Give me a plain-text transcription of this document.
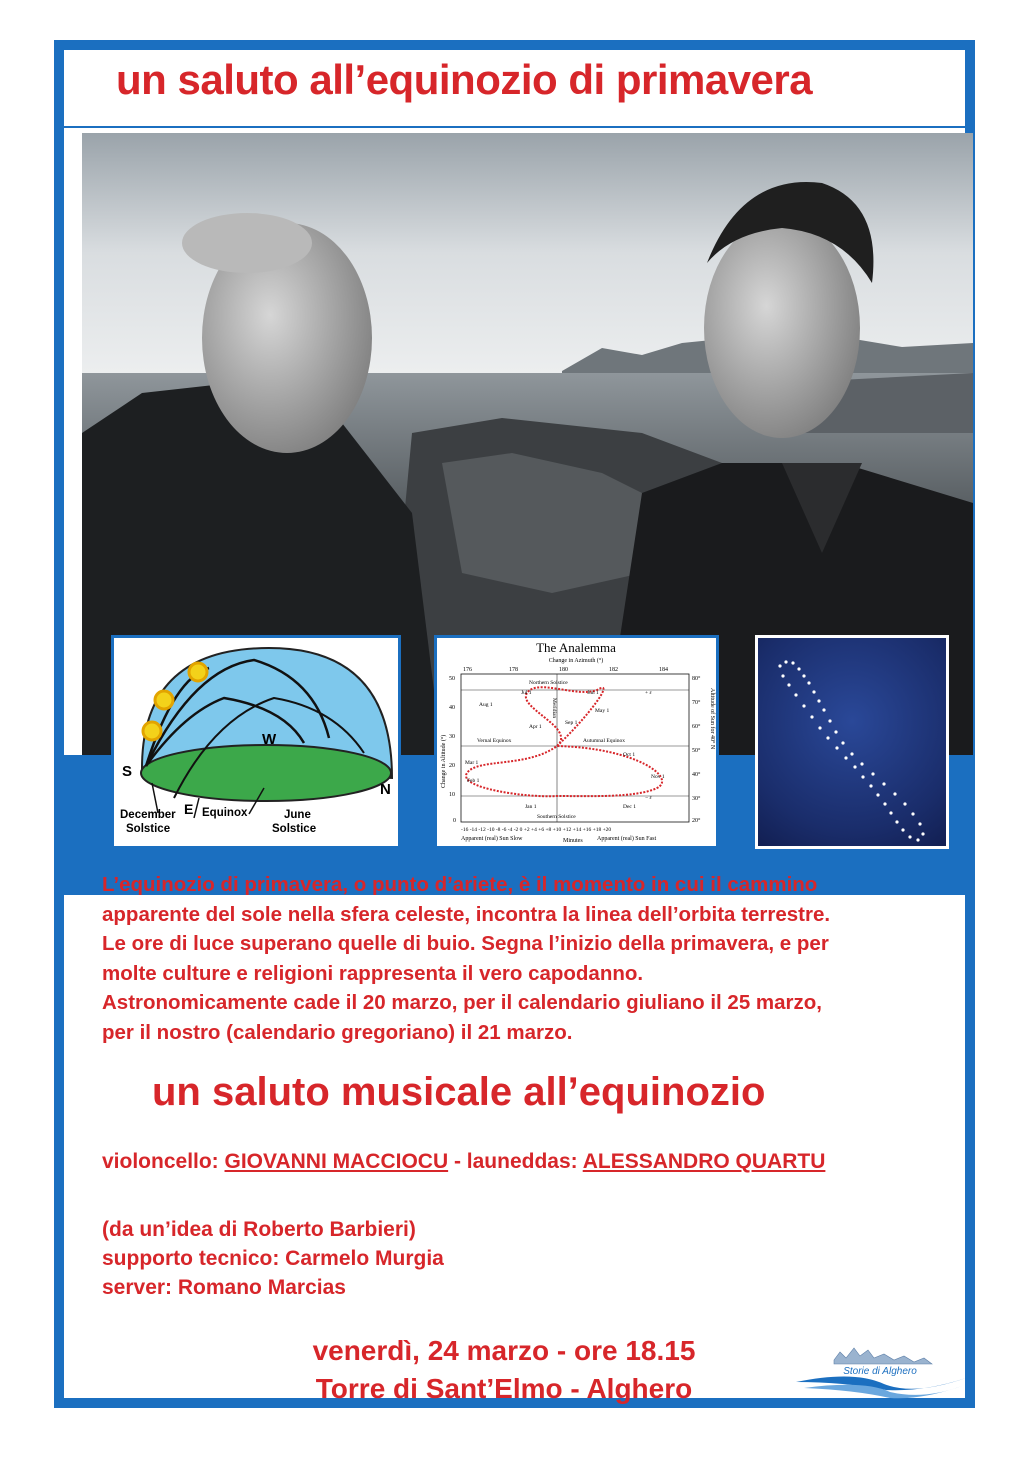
un saluto all’equinozio di primavera
S
W
E
N
December Solstice
Equinox	June Solstice
The Analemma
Change in Azimuth (°)
176	178	180	182	184
50
40
30
20
10
0
Change in Altitude (°)
80°
70°
60°
50°
40°
30°
20°
Altitude of Sun for 40° N
Northern Solstice
Southern Solstice
Vernal Equinox	Autumnal Equinox
+ ε
− ε
Jul 1	Jun 1
Aug 1
May 1
Apr 1
Sep 1
Mar 1
Oct 1
Feb 1
Nov 1
Jan 1	Dec 1
Meridian
-16 -14 -12 -10 -8 -6 -4 -2 0 +2 +4 +6 +8 +10 +12 +14 +16 +18 +20
Apparent (real) Sun Slow	Minutes Apparent (real) Sun Fast
L’equinozio di primavera, o punto d’ariete, è il momento in cui il cammino
apparente del sole nella sfera celeste, incontra la linea dell’orbita terrestre.
Le ore di luce superano quelle di buio. Segna l’inizio della primavera, e per
molte culture e religioni rappresenta il vero capodanno.
Astronomicamente cade il 20 marzo, per il calendario giuliano il 25 marzo,
per il nostro (calendario gregoriano) il 21 marzo.
un saluto musicale all’equinozio
violoncello: GIOVANNI MACCIOCU - launeddas: ALESSANDRO QUARTU
(da un’idea di Roberto Barbieri)
supporto tecnico: Carmelo Murgia
server: Romano Marcias
venerdì, 24 marzo - ore 18.15
Torre di Sant’Elmo - Alghero
Storie di Alghero
